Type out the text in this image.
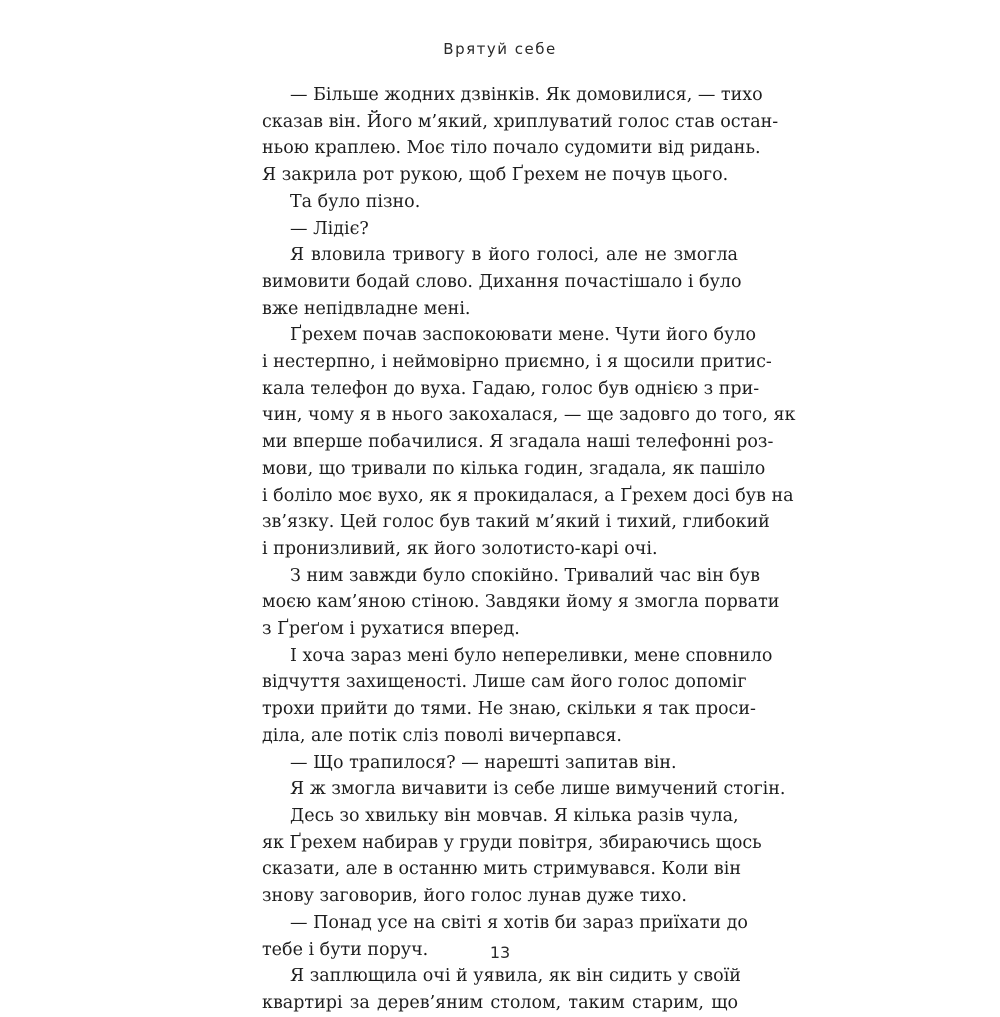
Врятуй себе
— Більше жодних дзвінків. Як домовилися, — тихо
сказав він. Його м’який, хриплуватий голос став остан-
ньою краплею. Моє тіло почало судомити від ридань.
Я закрила рот рукою, щоб Ґрехем не почув цього.
Та було пізно.
— Лідіє?
Я вловила тривогу в його голосі, але не змогла
вимовити бодай слово. Дихання почастішало і було
вже непідвладне мені.
Ґрехем почав заспокоювати мене. Чути його було
і нестерпно, і неймовірно приємно, і я щосили притис-
кала телефон до вуха. Гадаю, голос був однією з при-
чин, чому я в нього закохалася, — ще задовго до того, як
ми вперше побачилися. Я згадала наші телефонні роз-
мови, що тривали по кілька годин, згадала, як пашіло
і боліло моє вухо, як я прокидалася, а Ґрехем досі був на
зв’язку. Цей голос був такий м’який і тихий, глибокий
і пронизливий, як його золотисто-карі очі.
З ним завжди було спокійно. Тривалий час він був
моєю кам’яною стіною. Завдяки йому я змогла порвати
з Ґреґом і рухатися вперед.
І хоча зараз мені було непереливки, мене сповнило
відчуття захищеності. Лише сам його голос допоміг
трохи прийти до тями. Не знаю, скільки я так проси-
діла, але потік сліз поволі вичерпався.
— Що трапилося? — нарешті запитав він.
Я ж змогла вичавити із себе лише вимучений стогін.
Десь зо хвильку він мовчав. Я кілька разів чула,
як Ґрехем набирав у груди повітря, збираючись щось
сказати, але в останню мить стримувався. Коли він
знову заговорив, його голос лунав дуже тихо.
— Понад усе на світі я хотів би зараз приїхати до
тебе і бути поруч.
Я заплющила очі й уявила, як він сидить у своїй
квартирі за дерев’яним столом, таким старим, що
13
